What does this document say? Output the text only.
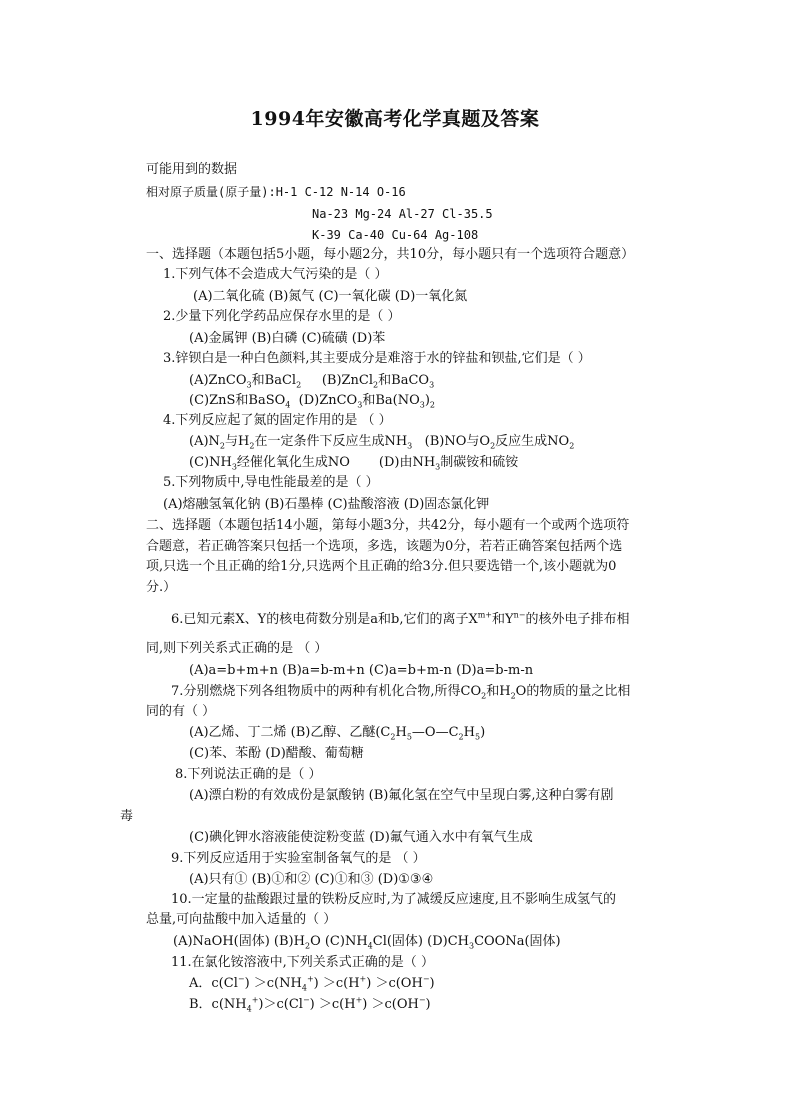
1994年安徽高考化学真题及答案
可能用到的数据
相对原子质量(原子量):H-1 C-12 N-14 O-16
Na-23 Mg-24 Al-27 Cl-35.5
K-39 Ca-40 Cu-64 Ag-108
一、选择题（本题包括5小题，每小题2分，共10分，每小题只有一个选项符合题意）
1.下列气体不会造成大气污染的是（ ）
(A)二氧化硫 (B)氮气 (C)一氧化碳 (D)一氧化氮
2.少量下列化学药品应保存水里的是（ ）
(A)金属钾 (B)白磷 (C)硫磺 (D)苯
3.锌钡白是一种白色颜料,其主要成分是难溶于水的锌盐和钡盐,它们是（ ）
(A)ZnCO$_3$和BaCl$_2$ (B)ZnCl$_2$和BaCO$_3$
(C)ZnS和BaSO$_4$ (D)ZnCO$_3$和$Ba(NO_3)_2$
4.下列反应起了氮的固定作用的是 （ ）
$(A)N_2$与$H_2$在一定条件下反应生成$NH_3$ (B)NO与$O_2$反应生成$NO_2$
$(C)NH_3$经催化氧化生成NO (D)由$NH_3$制碳铵和硫铵
5.下列物质中,导电性能最差的是（ ）
(A)熔融氢氧化钠 (B)石墨棒 (C)盐酸溶液 (D)固态氯化钾
二、选择题（本题包括14小题，第每小题3分，共42分，每小题有一个或两个选项符
合题意，若正确答案只包括一个选项，多选，该题为0分，若若正确答案包括两个选
项,只选一个且正确的给1分,只选两个且正确的给3分.但只要选错一个,该小题就为0
分.）
6.已知元素X、Y的核电荷数分别是a和b,它们的离子$X^{m+}$和$Y^{n-}$的核外电子排布相
同,则下列关系式正确的是 （ ）
(A)a=b+m+n (B)a=b-m+n (C)a=b+m-n (D)a=b-m-n
7.分别燃烧下列各组物质中的两种有机化合物,所得$CO_2$和$H_2O$的物质的量之比相
同的有（ ）
(A)乙烯、丁二烯 (B)乙醇、乙醚$(C_2H_5—O—C_2H_5)$
(C)苯、苯酚 (D)醋酸、葡萄糖
8.下列说法正确的是（ ）
(A)漂白粉的有效成份是氯酸钠 (B)氟化氢在空气中呈现白雾,这种白雾有剧
毒
(C)碘化钾水溶液能使淀粉变蓝 (D)氟气通入水中有氧气生成
9.下列反应适用于实验室制备氧气的是 （ ）
(A)只有① (B)①和② (C)①和③ (D)①③④
10.一定量的盐酸跟过量的铁粉反应时,为了减缓反应速度,且不影响生成氢气的
总量,可向盐酸中加入适量的（ ）
(A)NaOH(固体) $(B)H_2O$ $(C)NH_4Cl$(固体) $(D)CH_3COONa$(固体)
11.在氯化铵溶液中,下列关系式正确的是（ ）
A．$c(Cl^-) >c(NH_4^+) >c(H^+) >c(OH^-)$
B．$c(NH_4^+)>c(Cl^-) >c(H^+) >c(OH^-)$
